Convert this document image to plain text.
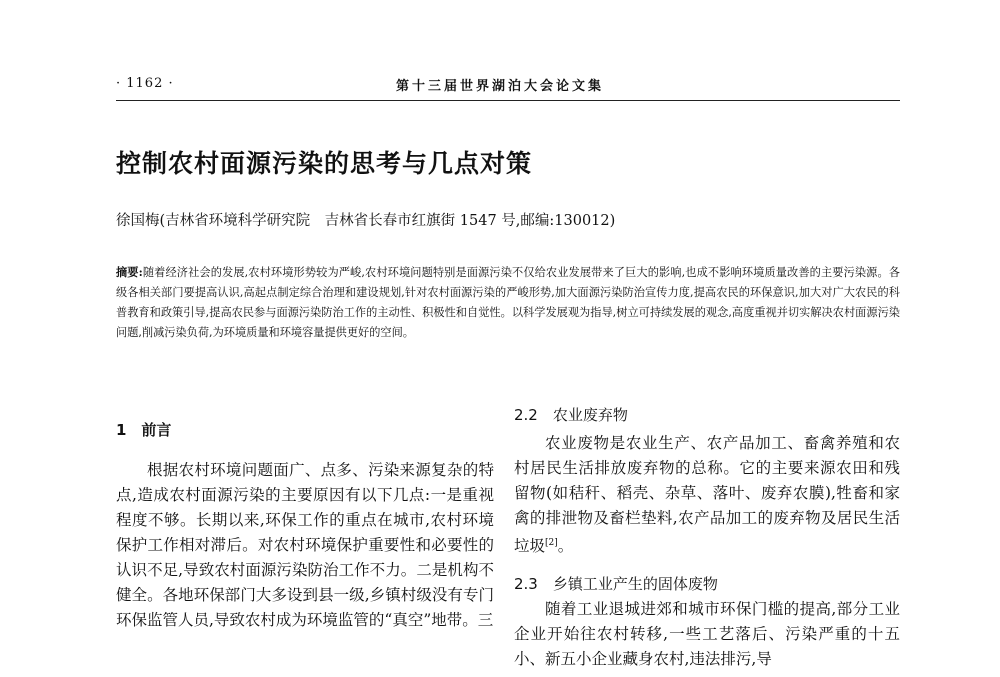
· 1162 ·	第十三届世界湖泊大会论文集
控制农村面源污染的思考与几点对策
徐国梅(吉林省环境科学研究院　吉林省长春市红旗街 1547 号,邮编:130012)
摘要:随着经济社会的发展,农村环境形势较为严峻,农村环境问题特别是面源污染不仅给农业发展带来了巨大的影响,也成不影响环境质量改善的主要污染源。各级各相关部门要提高认识,高起点制定综合治理和建设规划,针对农村面源污染的严峻形势,加大面源污染防治宣传力度,提高农民的环保意识,加大对广大农民的科普教育和政策引导,提高农民参与面源污染防治工作的主动性、积极性和自觉性。以科学发展观为指导,树立可持续发展的观念,高度重视并切实解决农村面源污染问题,削减污染负荷,为环境质量和环境容量提供更好的空间。
1　前言
根据农村环境问题面广、点多、污染来源复杂的特点,造成农村面源污染的主要原因有以下几点:一是重视程度不够。长期以来,环保工作的重点在城市,农村环境保护工作相对滞后。对农村环境保护重要性和必要性的认识不足,导致农村面源污染防治工作不力。二是机构不健全。各地环保部门大多设到县一级,乡镇村级没有专门环保监管人员,导致农村成为环境监管的“真空”地带。三
2.2　农业废弃物
农业废物是农业生产、农产品加工、畜禽养殖和农村居民生活排放废弃物的总称。它的主要来源农田和残留物(如秸秆、稻壳、杂草、落叶、废弃农膜),牲畜和家禽的排泄物及畜栏垫料,农产品加工的废弃物及居民生活垃圾[2]。
2.3　乡镇工业产生的固体废物
随着工业退城进郊和城市环保门槛的提高,部分工业企业开始往农村转移,一些工艺落后、污染严重的十五小、新五小企业藏身农村,违法排污,导
